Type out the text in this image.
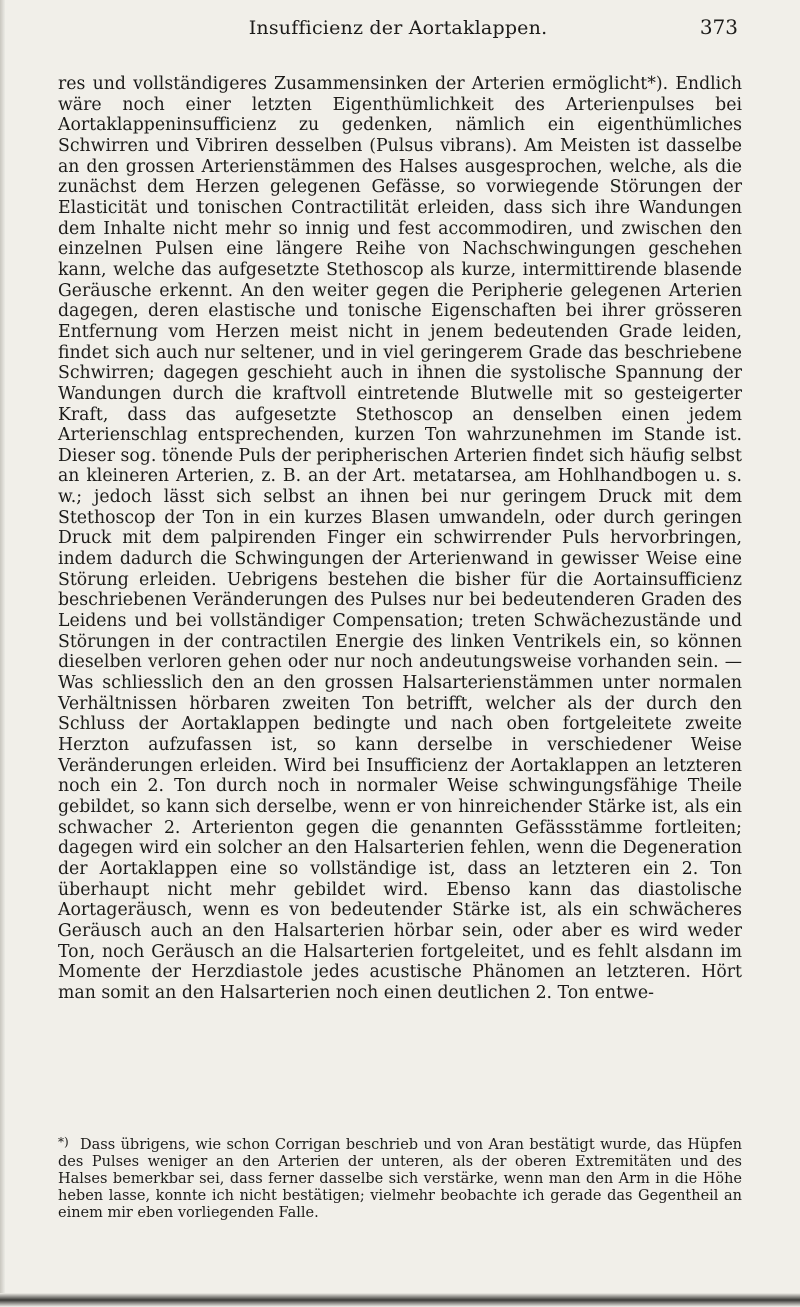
Insufficienz der Aortaklappen.	373
res und vollständigeres Zusammensinken der Arterien ermöglicht*). Endlich wäre noch einer letzten Eigenthümlichkeit des Arterienpulses bei Aortaklappeninsufficienz zu gedenken, nämlich ein eigenthümliches Schwirren und Vibriren desselben (Pulsus vibrans). Am Meisten ist dasselbe an den grossen Arterienstämmen des Halses ausgesprochen, welche, als die zunächst dem Herzen gelegenen Gefässe, so vorwiegende Störungen der Elasticität und tonischen Contractilität erleiden, dass sich ihre Wandungen dem Inhalte nicht mehr so innig und fest accommodiren, und zwischen den einzelnen Pulsen eine längere Reihe von Nachschwingungen geschehen kann, welche das aufgesetzte Stethoscop als kurze, intermittirende blasende Geräusche erkennt. An den weiter gegen die Peripherie gelegenen Arterien dagegen, deren elastische und tonische Eigenschaften bei ihrer grösseren Entfernung vom Herzen meist nicht in jenem bedeutenden Grade leiden, findet sich auch nur seltener, und in viel geringerem Grade das beschriebene Schwirren; dagegen geschieht auch in ihnen die systolische Spannung der Wandungen durch die kraftvoll eintretende Blutwelle mit so gesteigerter Kraft, dass das aufgesetzte Stethoscop an denselben einen jedem Arterienschlag entsprechenden, kurzen Ton wahrzunehmen im Stande ist. Dieser sog. tönende Puls der peripherischen Arterien findet sich häufig selbst an kleineren Arterien, z. B. an der Art. metatarsea, am Hohlhandbogen u. s. w.; jedoch lässt sich selbst an ihnen bei nur geringem Druck mit dem Stethoscop der Ton in ein kurzes Blasen umwandeln, oder durch geringen Druck mit dem palpirenden Finger ein schwirrender Puls hervorbringen, indem dadurch die Schwingungen der Arterienwand in gewisser Weise eine Störung erleiden. Uebrigens bestehen die bisher für die Aortainsufficienz beschriebenen Veränderungen des Pulses nur bei bedeutenderen Graden des Leidens und bei vollständiger Compensation; treten Schwächezustände und Störungen in der contractilen Energie des linken Ventrikels ein, so können dieselben verloren gehen oder nur noch andeutungsweise vorhanden sein. — Was schliesslich den an den grossen Halsarterienstämmen unter normalen Verhältnissen hörbaren zweiten Ton betrifft, welcher als der durch den Schluss der Aortaklappen bedingte und nach oben fortgeleitete zweite Herzton aufzufassen ist, so kann derselbe in verschiedener Weise Veränderungen erleiden. Wird bei Insufficienz der Aortaklappen an letzteren noch ein 2. Ton durch noch in normaler Weise schwingungsfähige Theile gebildet, so kann sich derselbe, wenn er von hinreichender Stärke ist, als ein schwacher 2. Arterienton gegen die genannten Gefässstämme fortleiten; dagegen wird ein solcher an den Halsarterien fehlen, wenn die Degeneration der Aortaklappen eine so vollständige ist, dass an letzteren ein 2. Ton überhaupt nicht mehr gebildet wird. Ebenso kann das diastolische Aortageräusch, wenn es von bedeutender Stärke ist, als ein schwächeres Geräusch auch an den Halsarterien hörbar sein, oder aber es wird weder Ton, noch Geräusch an die Halsarterien fortgeleitet, und es fehlt alsdann im Momente der Herzdiastole jedes acustische Phänomen an letzteren. Hört man somit an den Halsarterien noch einen deutlichen 2. Ton entwe-
*) Dass übrigens, wie schon Corrigan beschrieb und von Aran bestätigt wurde, das Hüpfen des Pulses weniger an den Arterien der unteren, als der oberen Extremitäten und des Halses bemerkbar sei, dass ferner dasselbe sich verstärke, wenn man den Arm in die Höhe heben lasse, konnte ich nicht bestätigen; vielmehr beobachte ich gerade das Gegentheil an einem mir eben vorliegenden Falle.
